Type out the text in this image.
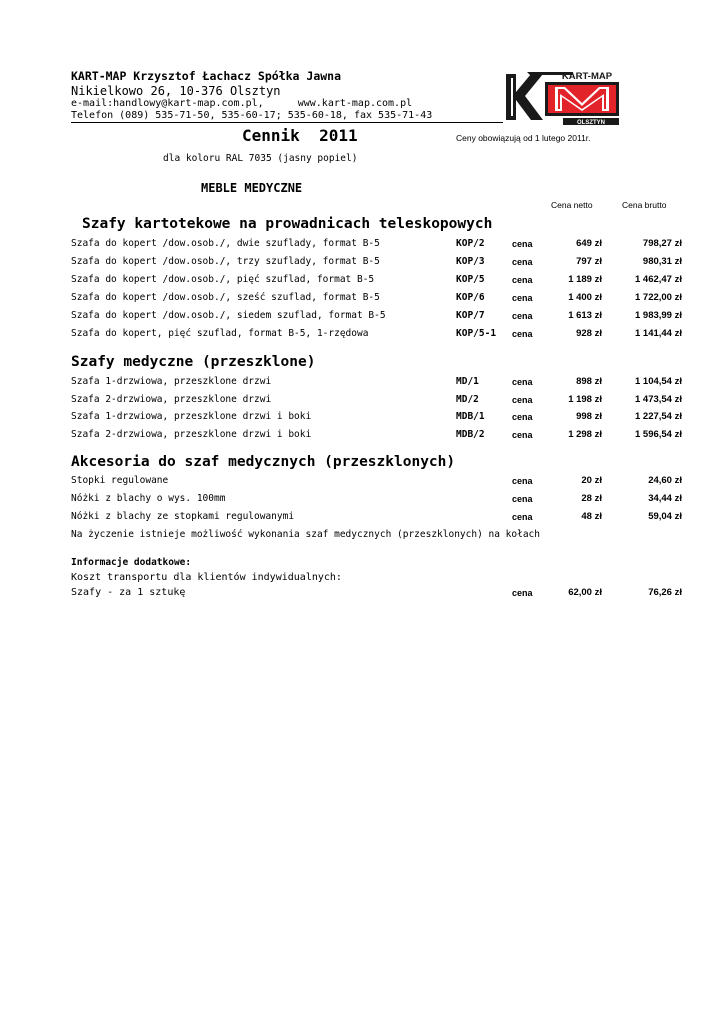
KART-MAP Krzysztof Łachacz Spółka Jawna
Nikielkowo 26, 10-376 Olsztyn
e-mail:handlowy@kart-map.com.pl,	www.kart-map.com.pl
Telefon (089) 535-71-50, 535-60-17; 535-60-18, fax 535-71-43
OLSZTYN
KART-MAP
Cennik  2011	Ceny obowiązują od 1 lutego 2011r.
dla koloru RAL 7035 (jasny popiel)
MEBLE MEDYCZNE
Cena netto	Cena brutto
Szafy kartotekowe na prowadnicach teleskopowych
Szafa do kopert /dow.osob./, dwie szuflady, format B-5	KOP/2	cena	649 zł	798,27 zł
Szafa do kopert /dow.osob./, trzy szuflady, format B-5	KOP/3	cena	797 zł	980,31 zł
Szafa do kopert /dow.osob./, pięć szuflad, format B-5	KOP/5	cena	1 189 zł	1 462,47 zł
Szafa do kopert /dow.osob./, sześć szuflad, format B-5	KOP/6	cena	1 400 zł	1 722,00 zł
Szafa do kopert /dow.osob./, siedem szuflad, format B-5	KOP/7	cena	1 613 zł	1 983,99 zł
Szafa do kopert, pięć szuflad, format B-5, 1-rzędowa	KOP/5-1 cena	928 zł	1 141,44 zł
Szafy medyczne (przeszklone)
Szafa 1-drzwiowa, przeszklone drzwi	MD/1	cena	898 zł	1 104,54 zł
Szafa 2-drzwiowa, przeszklone drzwi	MD/2	cena	1 198 zł	1 473,54 zł
Szafa 1-drzwiowa, przeszklone drzwi i boki	MDB/1	cena	998 zł	1 227,54 zł
Szafa 2-drzwiowa, przeszklone drzwi i boki	MDB/2	cena	1 298 zł	1 596,54 zł
Akcesoria do szaf medycznych (przeszklonych)
Stopki regulowane	cena	20 zł	24,60 zł
Nóżki z blachy o wys. 100mm	cena	28 zł	34,44 zł
Nóżki z blachy ze stopkami regulowanymi	cena	48 zł	59,04 zł
Na życzenie istnieje możliwość wykonania szaf medycznych (przeszklonych) na kołach
Informacje dodatkowe:
Koszt transportu dla klientów indywidualnych:
Szafy - za 1 sztukę	cena	62,00 zł	76,26 zł
